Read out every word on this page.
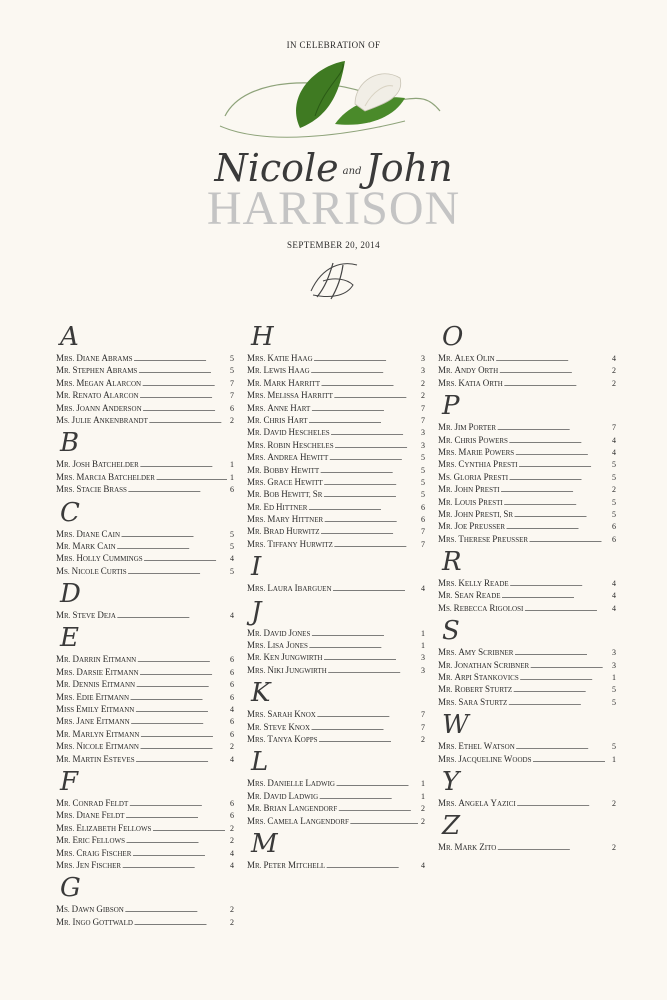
IN CELEBRATION OF
Nicole and John
HARRISON
SEPTEMBER 20, 2014
A
MRS. DIANE ABRAMS . . .	5
MR. STEPHEN ABRAMS . . .	5
MRS. MEGAN ALARCON . . .	7
MR. RENATO ALARCON . . .	7
MRS. JOANN ANDERSON . . .	6
MS. JULIE ANKENBRANDT . . .	2
B
MR. JOSH BATCHELDER . . .	1
MRS. MARCIA BATCHELDER . . .	1
MRS. STACIE BRASS . . .	6
C
MRS. DIANE CAIN . . .	5
MR. MARK CAIN . . .	5
MRS. HOLLY CUMMINGS . . .	4
MS. NICOLE CURTIS . . .	5
D
MR. STEVE DEJA . . .	4
E
MR. DARRIN EITMANN . . .	6
MRS. DARSIE EITMANN . . .	6
MR. DENNIS EITMANN . . .	6
MRS. EDIE EITMANN . . .	6
MISS EMILY EITMANN . . .	4
MRS. JANE EITMANN . . .	6
MR. MARLYN EITMANN . . .	6
MRS. NICOLE EITMANN . . .	2
MR. MARTIN ESTEVES . . .	4
F
MR. CONRAD FELDT . . .	6
MRS. DIANE FELDT . . .	6
MRS. ELIZABETH FELLOWS . . .	2
MR. ERIC FELLOWS . . .	2
MRS. CRAIG FISCHER . . .	4
MRS. JEN FISCHER . . .	4
G
MS. DAWN GIBSON . . .	2
MR. INGO GOTTWALD . . .	2
H
MRS. KATIE HAAG . . .	3
MR. LEWIS HAAG . . .	3
MR. MARK HARRITT . . .	2
MRS. MELISSA HARRITT . . .	2
MRS. ANNE HART . . .	7
MR. CHRIS HART . . .	7
MR. DAVID HESCHELES . . .	3
MRS. ROBIN HESCHELES . . .	3
MRS. ANDREA HEWITT . . .	5
MR. BOBBY HEWITT . . .	5
MRS. GRACE HEWITT . . .	5
MR. BOB HEWITT, SR . . .	5
MR. ED HITTNER . . .	6
MRS. MARY HITTNER . . .	6
MR. BRAD HURWITZ . . .	7
MRS. TIFFANY HURWITZ . . .	7
I
MRS. LAURA IBARGUEN . . .	4
J
MR. DAVID JONES . . .	1
MRS. LISA JONES . . .	1
MR. KEN JUNGWIRTH . . .	3
MRS. NIKI JUNGWIRTH . . .	3
K
MRS. SARAH KNOX . . .	7
MR. STEVE KNOX . . .	7
MRS. TANYA KOPPS . . .	2
L
MRS. DANIELLE LADWIG . . .	1
MR. DAVID LADWIG . . .	1
MR. BRIAN LANGENDORF . . .	2
MRS. CAMELA LANGENDORF . . .	2
M
MR. PETER MITCHELL . . .	4
O
MR. ALEX OLIN . . .	4
MR. ANDY ORTH . . .	2
MRS. KATIA ORTH . . .	2
P
MR. JIM PORTER . . .	7
MR. CHRIS POWERS . . .	4
MRS. MARIE POWERS . . .	4
MRS. CYNTHIA PRESTI . . .	5
MS. GLORIA PRESTI . . .	5
MR. JOHN PRESTI . . .	2
MR. LOUIS PRESTI . . .	5
MR. JOHN PRESTI, SR . . .	5
MR. JOE PREUSSER . . .	6
MRS. THERESE PREUSSER . . .	6
R
MRS. KELLY READE . . .	4
MR. SEAN READE . . .	4
MS. REBECCA RIGOLOSI . . .	4
S
MRS. AMY SCRIBNER . . .	3
MR. JONATHAN SCRIBNER . . .	3
MR. ARPI STANKOVICS . . .	1
MR. ROBERT STURTZ . . .	5
MRS. SARA STURTZ . . .	5
W
MRS. ETHEL WATSON . . .	5
MRS. JACQUELINE WOODS . . .	1
Y
MRS. ANGELA YAZICI . . .	2
Z
MR. MARK ZITO . . .	2
